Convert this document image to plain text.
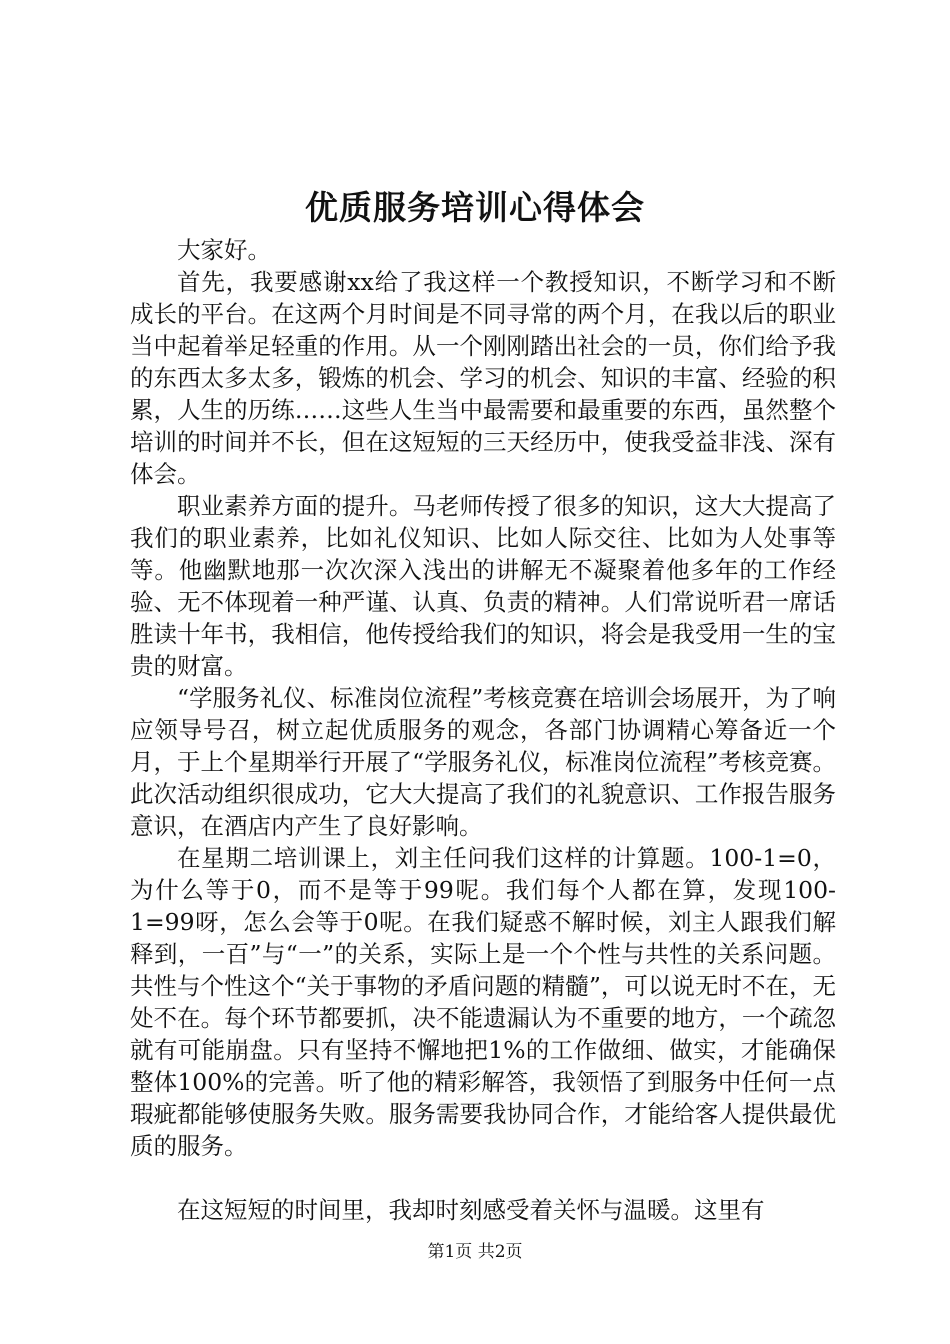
优质服务培训心得体会

大家好。

首先，我要感谢xx给了我这样一个教授知识，不断学习和不断成长的平台。在这两个月时间是不同寻常的两个月，在我以后的职业当中起着举足轻重的作用。从一个刚刚踏出社会的一员，你们给予我的东西太多太多，锻炼的机会、学习的机会、知识的丰富、经验的积累，人生的历练……这些人生当中最需要和最重要的东西，虽然整个培训的时间并不长，但在这短短的三天经历中，使我受益非浅、深有体会。

职业素养方面的提升。马老师传授了很多的知识，这大大提高了我们的职业素养，比如礼仪知识、比如人际交往、比如为人处事等等。他幽默地那一次次深入浅出的讲解无不凝聚着他多年的工作经验、无不体现着一种严谨、认真、负责的精神。人们常说听君一席话胜读十年书，我相信，他传授给我们的知识，将会是我受用一生的宝贵的财富。

“学服务礼仪、标准岗位流程”考核竞赛在培训会场展开，为了响应领导号召，树立起优质服务的观念，各部门协调精心筹备近一个月，于上个星期举行开展了“学服务礼仪，标准岗位流程”考核竞赛。此次活动组织很成功，它大大提高了我们的礼貌意识、工作报告服务意识，在酒店内产生了良好影响。

在星期二培训课上，刘主任问我们这样的计算题。100-1=0，为什么等于0，而不是等于99呢。我们每个人都在算，发现100-1=99呀，怎么会等于0呢。在我们疑惑不解时候，刘主人跟我们解释到，一百”与“一”的关系，实际上是一个个性与共性的关系问题。共性与个性这个“关于事物的矛盾问题的精髓”，可以说无时不在，无处不在。每个环节都要抓，决不能遗漏认为不重要的地方，一个疏忽就有可能崩盘。只有坚持不懈地把1%的工作做细、做实，才能确保整体100%的完善。听了他的精彩解答，我领悟了到服务中任何一点瑕疵都能够使服务失败。服务需要我协同合作，才能给客人提供最优质的服务。

在这短短的时间里，我却时刻感受着关怀与温暖。这里有

第1页 共2页
